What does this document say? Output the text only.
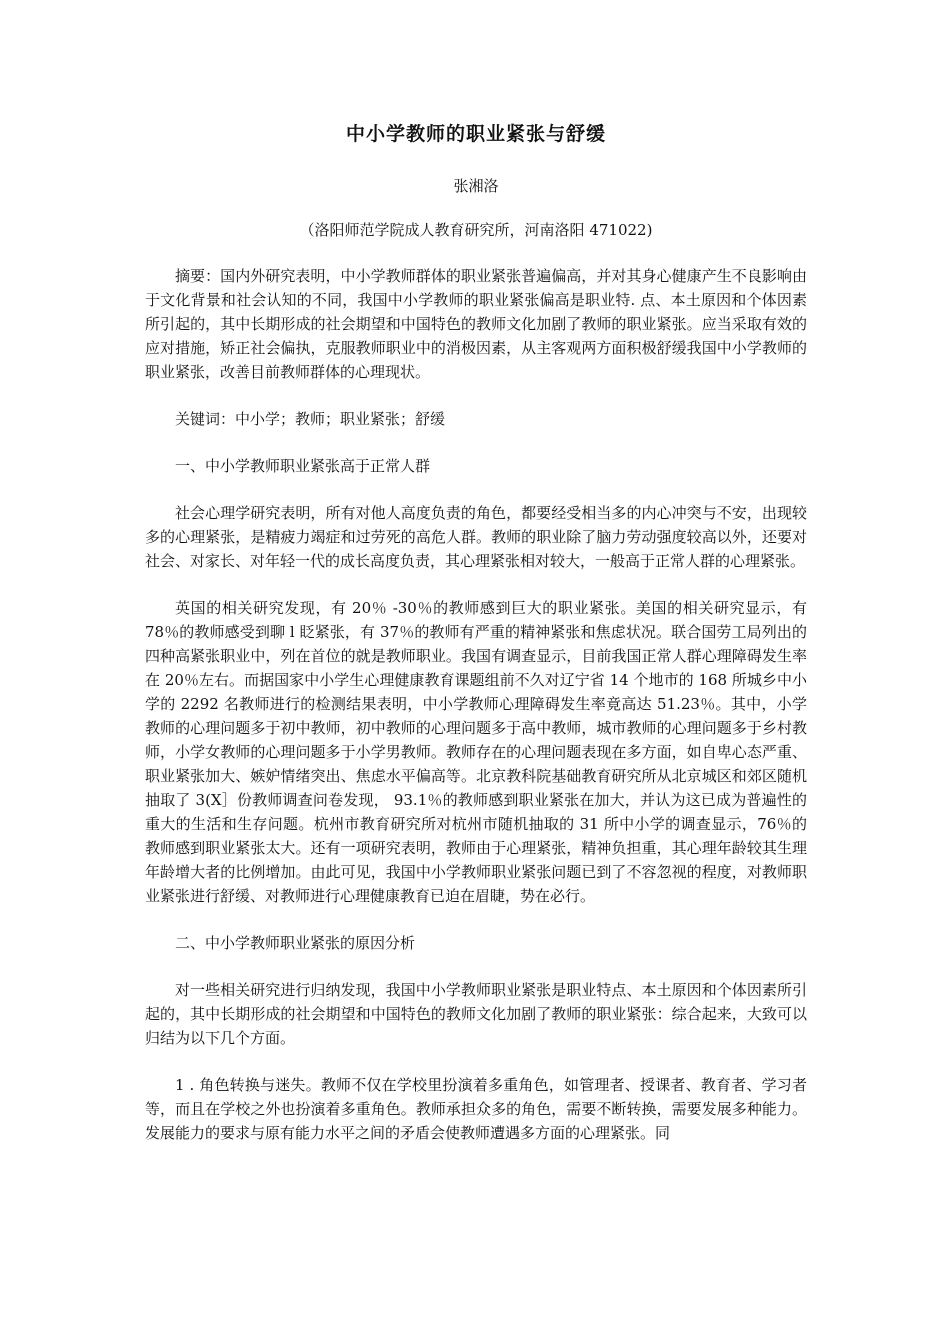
中小学教师的职业紧张与舒缓
张湘洛
（洛阳师范学院成人教育研究所，河南洛阳 471022)

摘要：国内外研究表明，中小学教师群体的职业紧张普遍偏高，并对其身心健康产生不良影响由于文化背景和社会认知的不同，我国中小学教师的职业紧张偏高是职业特. 点、本土原因和个体因素所引起的，其中长期形成的社会期望和中国特色的教师文化加剧了教师的职业紧张。应当采取有效的应对措施，矫正社会偏执，克服教师职业中的消极因素，从主客观两方面积极舒缓我国中小学教师的职业紧张，改善目前教师群体的心理现状。

关键词：中小学；教师；职业紧张；舒缓

一、中小学教师职业紧张高于正常人群

社会心理学研究表明，所有对他人高度负责的角色，都要经受相当多的内心冲突与不安，出现较多的心理紧张，是精疲力竭症和过劳死的高危人群。教师的职业除了脑力劳动强度较高以外，还要对社会、对家长、对年轻一代的成长高度负责，其心理紧张相对较大，一般高于正常人群的心理紧张。

英国的相关研究发现，有 20％ -30％的教师感到巨大的职业紧张。美国的相关研究显示，有 78％的教师感受到聊 l 眨紧张，有 37％的教师有严重的精神紧张和焦虑状况。联合国劳工局列出的四种高紧张职业中，列在首位的就是教师职业。我国有调查显示，目前我国正常人群心理障碍发生率在 20％左右。而据国家中小学生心理健康教育课题组前不久对辽宁省 14 个地市的 168 所城乡中小学的 2292 名教师进行的检测结果表明，中小学教师心理障碍发生率竟高达 51.23％。其中，小学教师的心理问题多于初中教师，初中教师的心理问题多于高中教师，城市教师的心理问题多于乡村教师，小学女教师的心理问题多于小学男教师。教师存在的心理问题表现在多方面，如自卑心态严重、职业紧张加大、嫉妒情绪突出、焦虑水平偏高等。北京教科院基础教育研究所从北京城区和郊区随机抽取了 3(X］份教师调查问卷发现， 93.1％的教师感到职业紧张在加大，并认为这已成为普遍性的重大的生活和生存问题。杭州市教育研究所对杭州市随机抽取的 31 所中小学的调查显示，76％的教师感到职业紧张太大。还有一项研究表明，教师由于心理紧张，精神负担重，其心理年龄较其生理年龄增大者的比例增加。由此可见，我国中小学教师职业紧张问题已到了不容忽视的程度，对教师职业紧张进行舒缓、对教师进行心理健康教育已迫在眉睫，势在必行。

二、中小学教师职业紧张的原因分析

对一些相关研究进行归纳发现，我国中小学教师职业紧张是职业特点、本土原因和个体因素所引起的，其中长期形成的社会期望和中国特色的教师文化加剧了教师的职业紧张：综合起来，大致可以归结为以下几个方面。

1 . 角色转换与迷失。教师不仅在学校里扮演着多重角色，如管理者、授课者、教育者、学习者等，而且在学校之外也扮演着多重角色。教师承担众多的角色，需要不断转换，需要发展多种能力。发展能力的要求与原有能力水平之间的矛盾会使教师遭遇多方面的心理紧张。同
